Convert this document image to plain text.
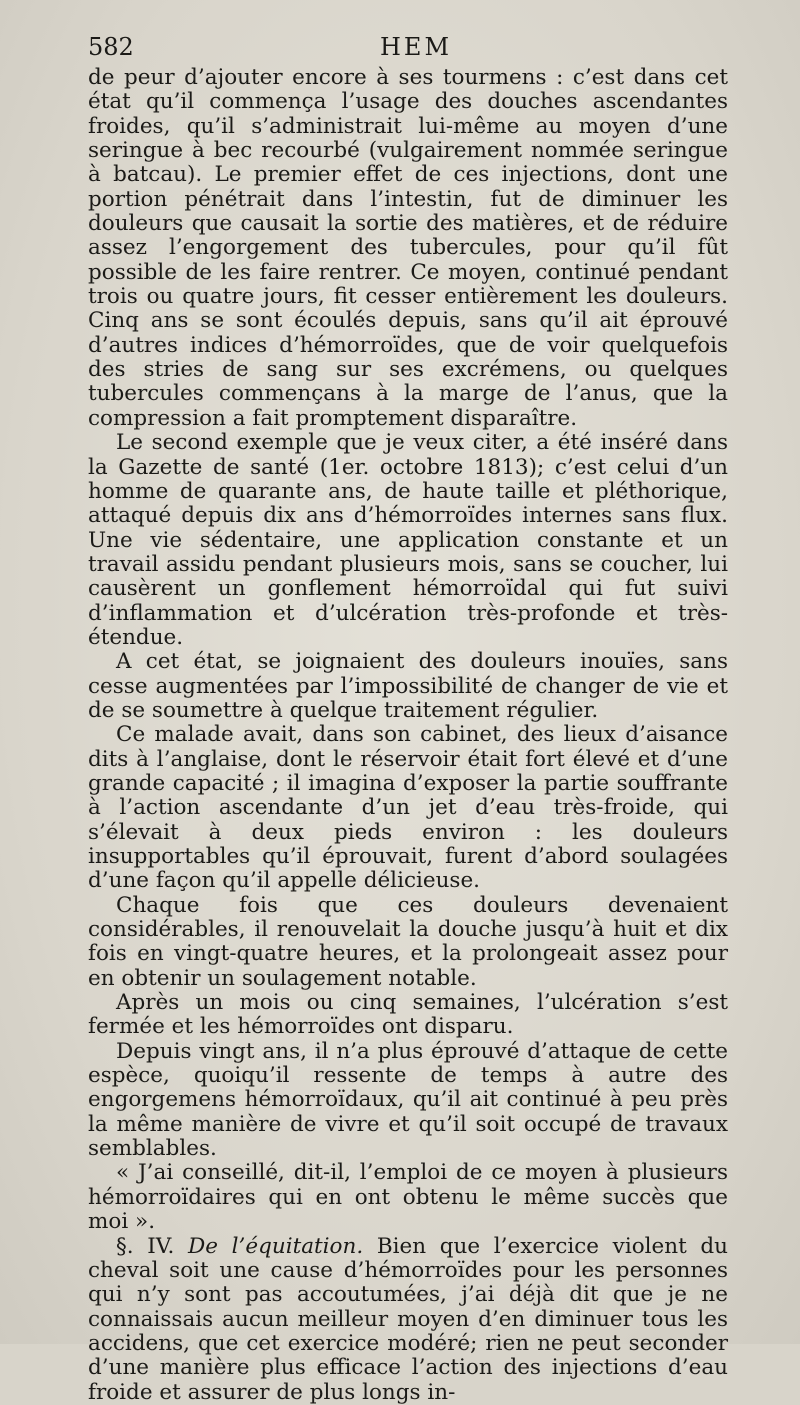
582	HEM

de peur d’ajouter encore à ses tourmens : c’est dans cet état qu’il commença l’usage des douches ascendantes froides, qu’il s’administrait lui-même au moyen d’une seringue à bec recourbé (vulgairement nommée seringue à batcau). Le premier effet de ces injections, dont une portion pénétrait dans l’intestin, fut de diminuer les douleurs que causait la sortie des matières, et de réduire assez l’engorgement des tubercules, pour qu’il fût possible de les faire rentrer. Ce moyen, continué pendant trois ou quatre jours, fit cesser entièrement les douleurs. Cinq ans se sont écoulés depuis, sans qu’il ait éprouvé d’autres indices d’hémorroïdes, que de voir quelquefois des stries de sang sur ses excrémens, ou quelques tubercules commençans à la marge de l’anus, que la compression a fait promptement disparaître.

Le second exemple que je veux citer, a été inséré dans la Gazette de santé (1er. octobre 1813); c’est celui d’un homme de quarante ans, de haute taille et pléthorique, attaqué depuis dix ans d’hémorroïdes internes sans flux. Une vie sédentaire, une application constante et un travail assidu pendant plusieurs mois, sans se coucher, lui causèrent un gonflement hémorroïdal qui fut suivi d’inflammation et d’ulcération très-profonde et très-étendue.

A cet état, se joignaient des douleurs inouïes, sans cesse augmentées par l’impossibilité de changer de vie et de se soumettre à quelque traitement régulier.

Ce malade avait, dans son cabinet, des lieux d’aisance dits à l’anglaise, dont le réservoir était fort élevé et d’une grande capacité ; il imagina d’exposer la partie souffrante à l’action ascendante d’un jet d’eau très-froide, qui s’élevait à deux pieds environ : les douleurs insupportables qu’il éprouvait, furent d’abord soulagées d’une façon qu’il appelle délicieuse.

Chaque fois que ces douleurs devenaient considérables, il renouvelait la douche jusqu’à huit et dix fois en vingt-quatre heures, et la prolongeait assez pour en obtenir un soulagement notable.

Après un mois ou cinq semaines, l’ulcération s’est fermée et les hémorroïdes ont disparu.

Depuis vingt ans, il n’a plus éprouvé d’attaque de cette espèce, quoiqu’il ressente de temps à autre des engorgemens hémorroïdaux, qu’il ait continué à peu près la même manière de vivre et qu’il soit occupé de travaux semblables.

« J’ai conseillé, dit-il, l’emploi de ce moyen à plusieurs hémorroïdaires qui en ont obtenu le même succès que moi ».

§. IV. De l’équitation. Bien que l’exercice violent du cheval soit une cause d’hémorroïdes pour les personnes qui n’y sont pas accoutumées, j’ai déjà dit que je ne connaissais aucun meilleur moyen d’en diminuer tous les accidens, que cet exercice modéré; rien ne peut seconder d’une manière plus efficace l’action des injections d’eau froide et assurer de plus longs in-
